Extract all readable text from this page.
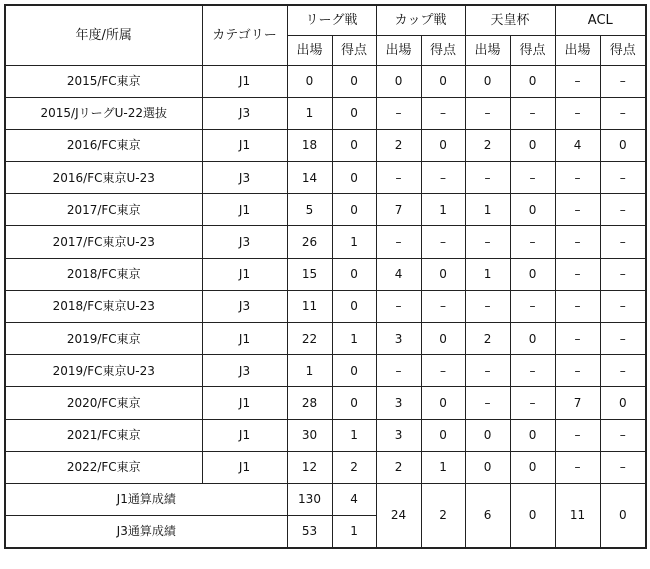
年度/所属	カテゴリー	リーグ戦		カップ戦		天皇杯		ACL	
		出場	得点	出場	得点	出場	得点	出場	得点
2015/FC東京	J1	0	0	0	0	0	0	–	–
2015/JリーグU-22選抜	J3	1	0	–	–	–	–	–	–
2016/FC東京	J1	18	0	2	0	2	0	4	0
2016/FC東京U-23	J3	14	0	–	–	–	–	–	–
2017/FC東京	J1	5	0	7	1	1	0	–	–
2017/FC東京U-23	J3	26	1	–	–	–	–	–	–
2018/FC東京	J1	15	0	4	0	1	0	–	–
2018/FC東京U-23	J3	11	0	–	–	–	–	–	–
2019/FC東京	J1	22	1	3	0	2	0	–	–
2019/FC東京U-23	J3	1	0	–	–	–	–	–	–
2020/FC東京	J1	28	0	3	0	–	–	7	0
2021/FC東京	J1	30	1	3	0	0	0	–	–
2022/FC東京	J1	12	2	2	1	0	0	–	–
J1通算成績		130	4	24	2	6	0	11	0
J3通算成績		53	1						
